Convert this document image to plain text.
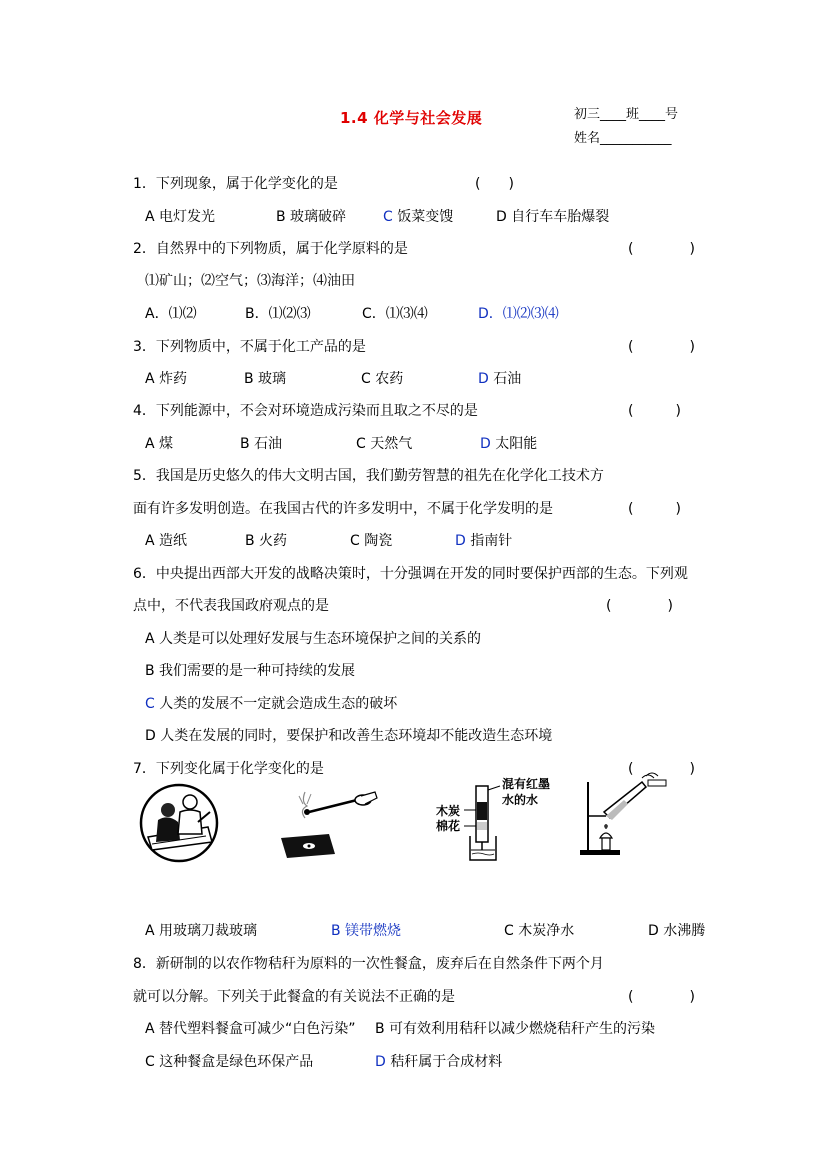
1.4 化学与社会发展	初三____班____号
姓名___________
1．下列现象，属于化学变化的是	(　　)
A 电灯发光	B 玻璃破碎	C 饭菜变馊	D 自行车车胎爆裂
2．自然界中的下列物质，属于化学原料的是	(　　　　)
⑴矿山；⑵空气；⑶海洋；⑷油田
A．⑴⑵	B．⑴⑵⑶	C．⑴⑶⑷	D．⑴⑵⑶⑷
3．下列物质中，不属于化工产品的是	(　　　　)
A 炸药	B 玻璃	C 农药	D 石油
4．下列能源中，不会对环境造成污染而且取之不尽的是	(　　　)
A 煤	B 石油	C 天然气	D 太阳能
5．我国是历史悠久的伟大文明古国，我们勤劳智慧的祖先在化学化工技术方
面有许多发明创造。在我国古代的许多发明中，不属于化学发明的是	(　　　)
A 造纸	B 火药	C 陶瓷	D 指南针
6．中央提出西部大开发的战略决策时，十分强调在开发的同时要保护西部的生态。下列观
点中，不代表我国政府观点的是	(　　　　)
A 人类是可以处理好发展与生态环境保护之间的关系的
B 我们需要的是一种可持续的发展
C 人类的发展不一定就会造成生态的破坏
D 人类在发展的同时，要保护和改善生态环境却不能改造生态环境
7．下列变化属于化学变化的是	(　　　　)
混有红墨
水的水
木炭
棉花
A 用玻璃刀裁玻璃	B 镁带燃烧	C 木炭净水	D 水沸腾
8．新研制的以农作物秸秆为原料的一次性餐盒，废弃后在自然条件下两个月
就可以分解。下列关于此餐盒的有关说法不正确的是	(　　　　)
A 替代塑料餐盒可减少“白色污染” B 可有效利用秸秆以减少燃烧秸秆产生的污染
C 这种餐盒是绿色环保产品	D 秸秆属于合成材料
